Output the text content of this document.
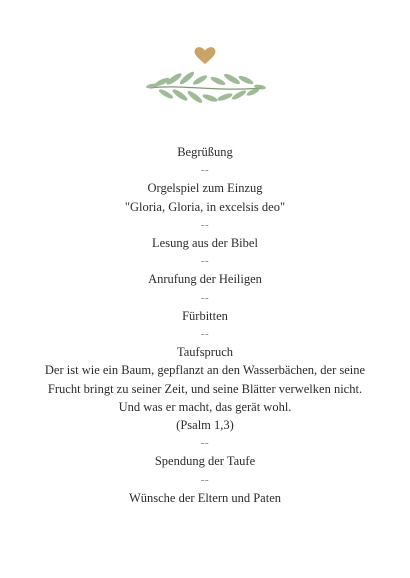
Begrüßung
--
Orgelspiel zum Einzug
"Gloria, Gloria, in excelsis deo"
--
Lesung aus der Bibel
--
Anrufung der Heiligen
--
Fürbitten
--
Taufspruch
Der ist wie ein Baum, gepflanzt an den Wasserbächen, der seine
Frucht bringt zu seiner Zeit, und seine Blätter verwelken nicht.
Und was er macht, das gerät wohl.
(Psalm 1,3)
--
Spendung der Taufe
--
Wünsche der Eltern und Paten
